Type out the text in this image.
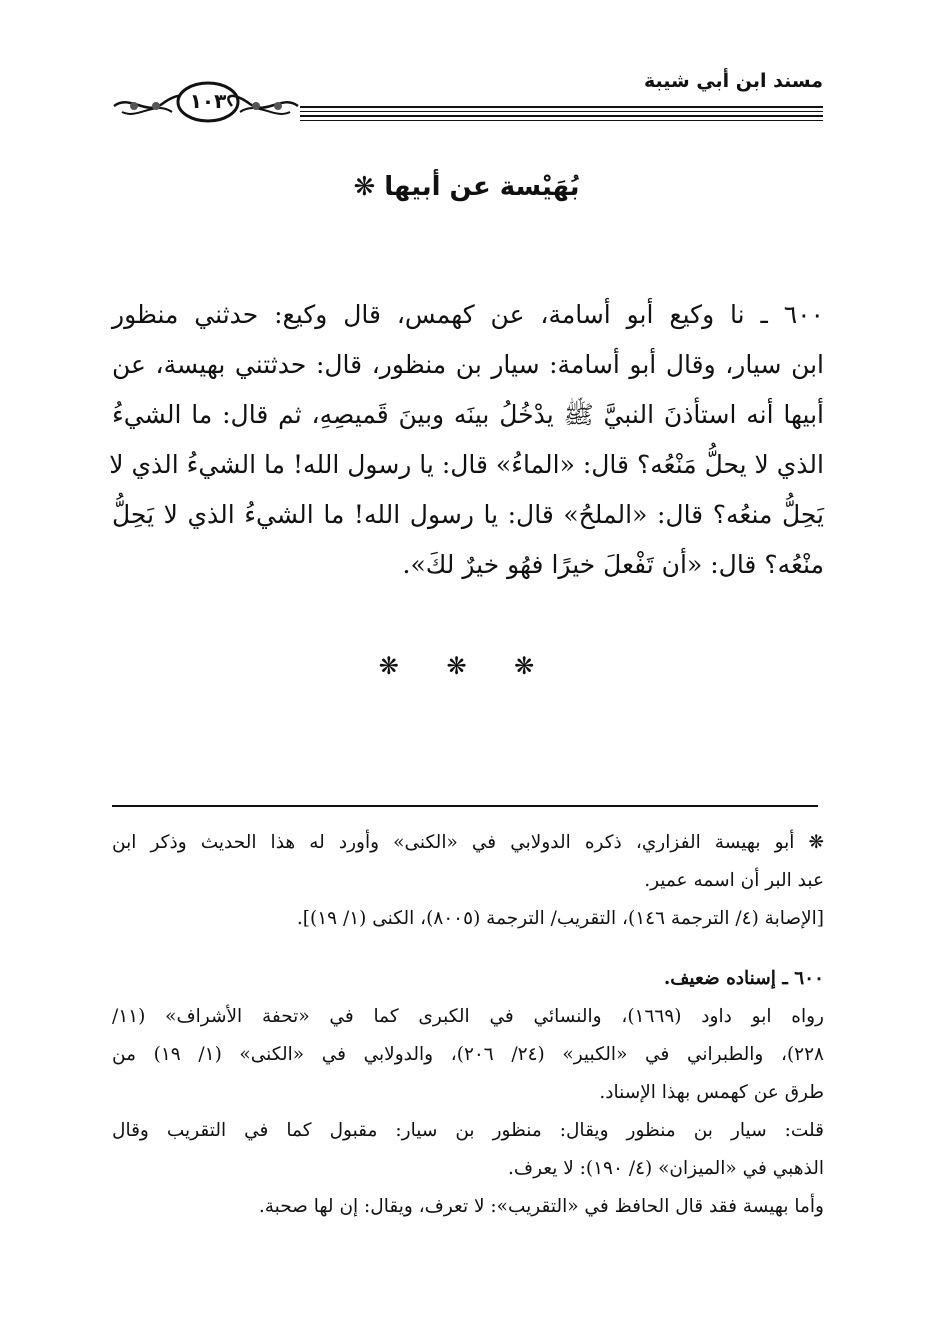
مسند ابن أبي شيبة
١٠٣
بُهَيْسة عن أبيها ❋
٦٠٠ ـ نا وكيع أبو أسامة، عن كهمس، قال وكيع: حدثني منظور
ابن سيار، وقال أبو أسامة: سيار بن منظور، قال: حدثتني بهيسة، عن
أبيها أنه استأذنَ النبيَّ ﷺ يدْخُلُ بينَه وبينَ قَميصِهِ، ثم قال: ما الشيءُ
الذي لا يحلُّ مَنْعُه؟ قال: «الماءُ» قال: يا رسول الله! ما الشيءُ الذي لا
يَحِلُّ منعُه؟ قال: «الملحُ» قال: يا رسول الله! ما الشيءُ الذي لا يَحِلُّ
منْعُه؟ قال: «أن تَفْعلَ خيرًا فهُو خيرٌ لكَ».
❋ ❋ ❋
❋ أبو بهيسة الفزاري، ذكره الدولابي في «الكنى» وأورد له هذا الحديث وذكر ابن
عبد البر أن اسمه عمير.
[الإصابة (٤/ الترجمة ١٤٦)، التقريب/ الترجمة (٨٠٠٥)، الكنى (١/ ١٩)].
٦٠٠ ـ إسناده ضعيف.
رواه ابو داود (١٦٦٩)، والنسائي في الكبرى كما في «تحفة الأشراف» (١١/
٢٢٨)، والطبراني في «الكبير» (٢٤/ ٢٠٦)، والدولابي في «الكنى» (١/ ١٩) من
طرق عن كهمس بهذا الإسناد.
قلت: سيار بن منظور ويقال: منظور بن سيار: مقبول كما في التقريب وقال
الذهبي في «الميزان» (٤/ ١٩٠): لا يعرف.
وأما بهيسة فقد قال الحافظ في «التقريب»: لا تعرف، ويقال: إن لها صحبة.
